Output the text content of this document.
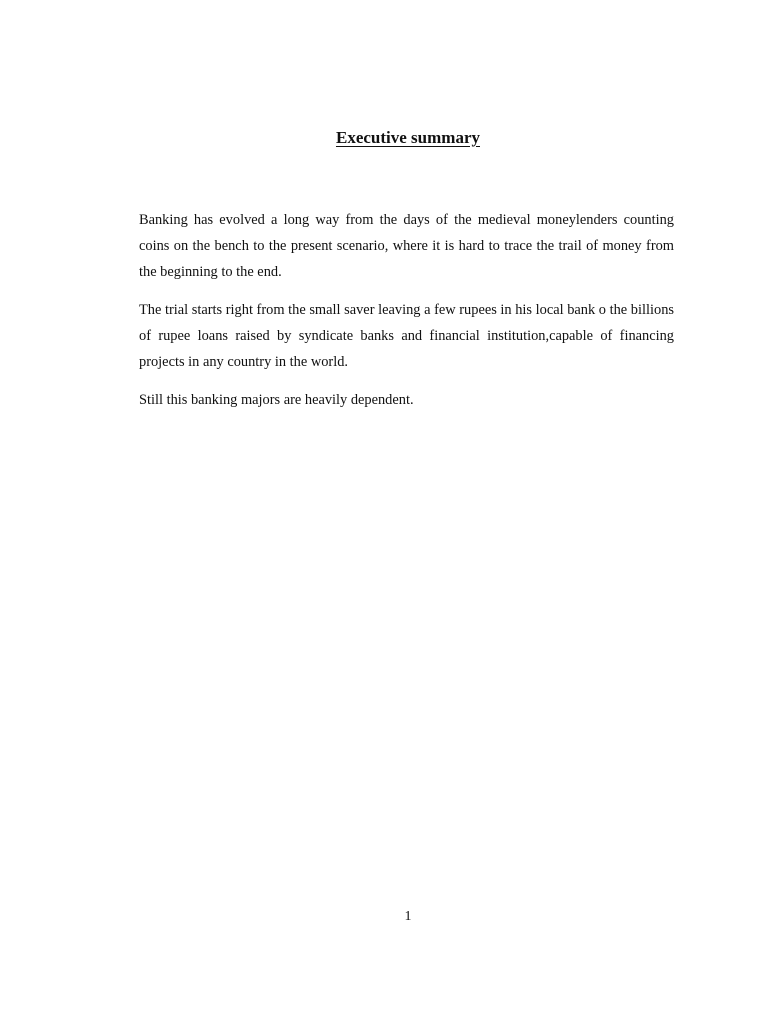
Executive summary

Banking has evolved a long way from the days of the medieval moneylenders counting coins on the bench to the present scenario, where it is hard to trace the trail of money from the beginning to the end.

The trial starts right from the small saver leaving a few rupees in his local bank o the billions of rupee loans raised by syndicate banks and financial institution,capable of financing projects in any country in the world.

Still this banking majors are heavily dependent.

1
